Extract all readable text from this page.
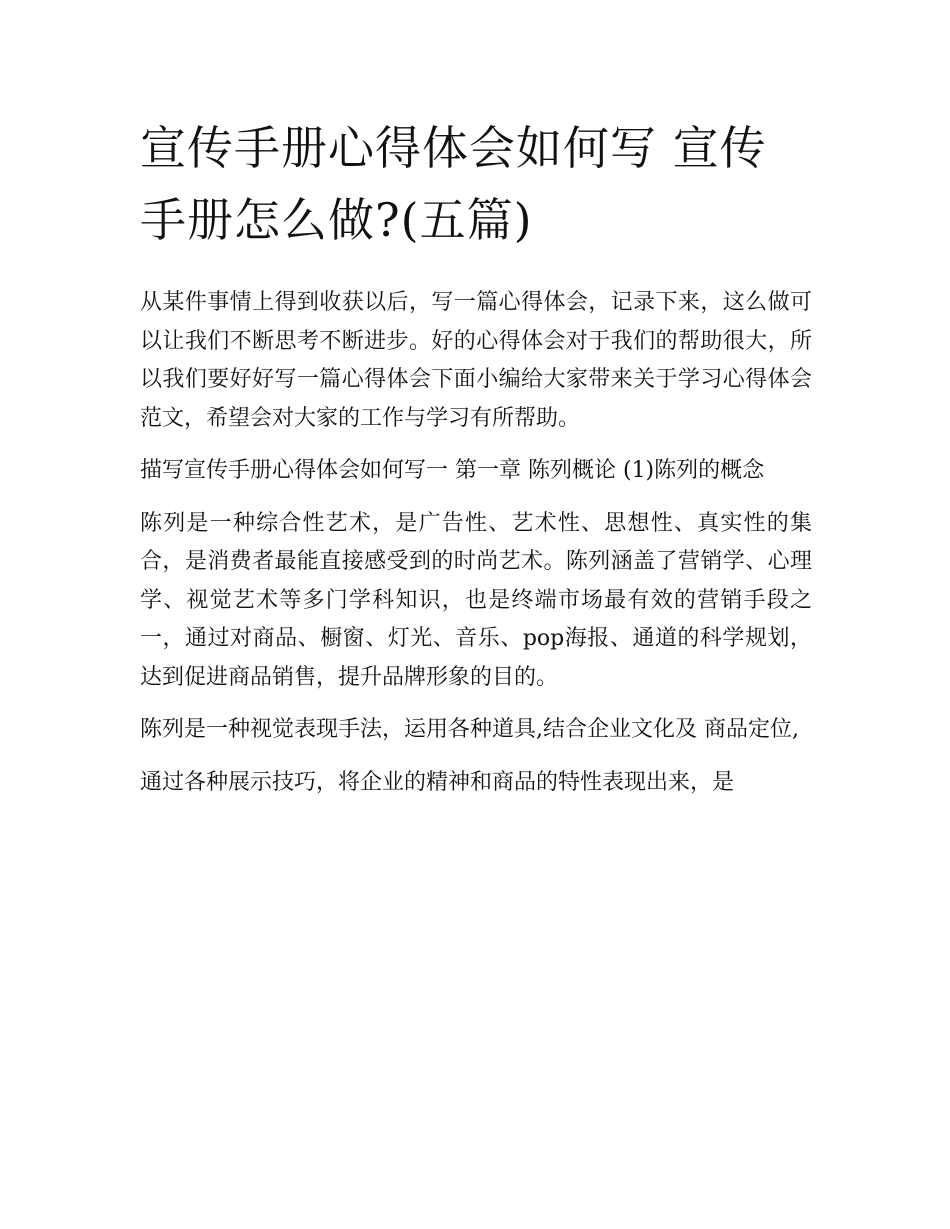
宣传手册心得体会如何写 宣传手册怎么做?(五篇)

从某件事情上得到收获以后，写一篇心得体会，记录下来，这么做可以让我们不断思考不断进步。好的心得体会对于我们的帮助很大，所以我们要好好写一篇心得体会下面小编给大家带来关于学习心得体会范文，希望会对大家的工作与学习有所帮助。

描写宣传手册心得体会如何写一 第一章 陈列概论 (1)陈列的概念

陈列是一种综合性艺术，是广告性、艺术性、思想性、真实性的集合，是消费者最能直接感受到的时尚艺术。陈列涵盖了营销学、心理学、视觉艺术等多门学科知识，也是终端市场最有效的营销手段之一，通过对商品、橱窗、灯光、音乐、pop海报、通道的科学规划，达到促进商品销售，提升品牌形象的目的。

陈列是一种视觉表现手法，运用各种道具,结合企业文化及 商品定位,

通过各种展示技巧，将企业的精神和商品的特性表现出来，是
